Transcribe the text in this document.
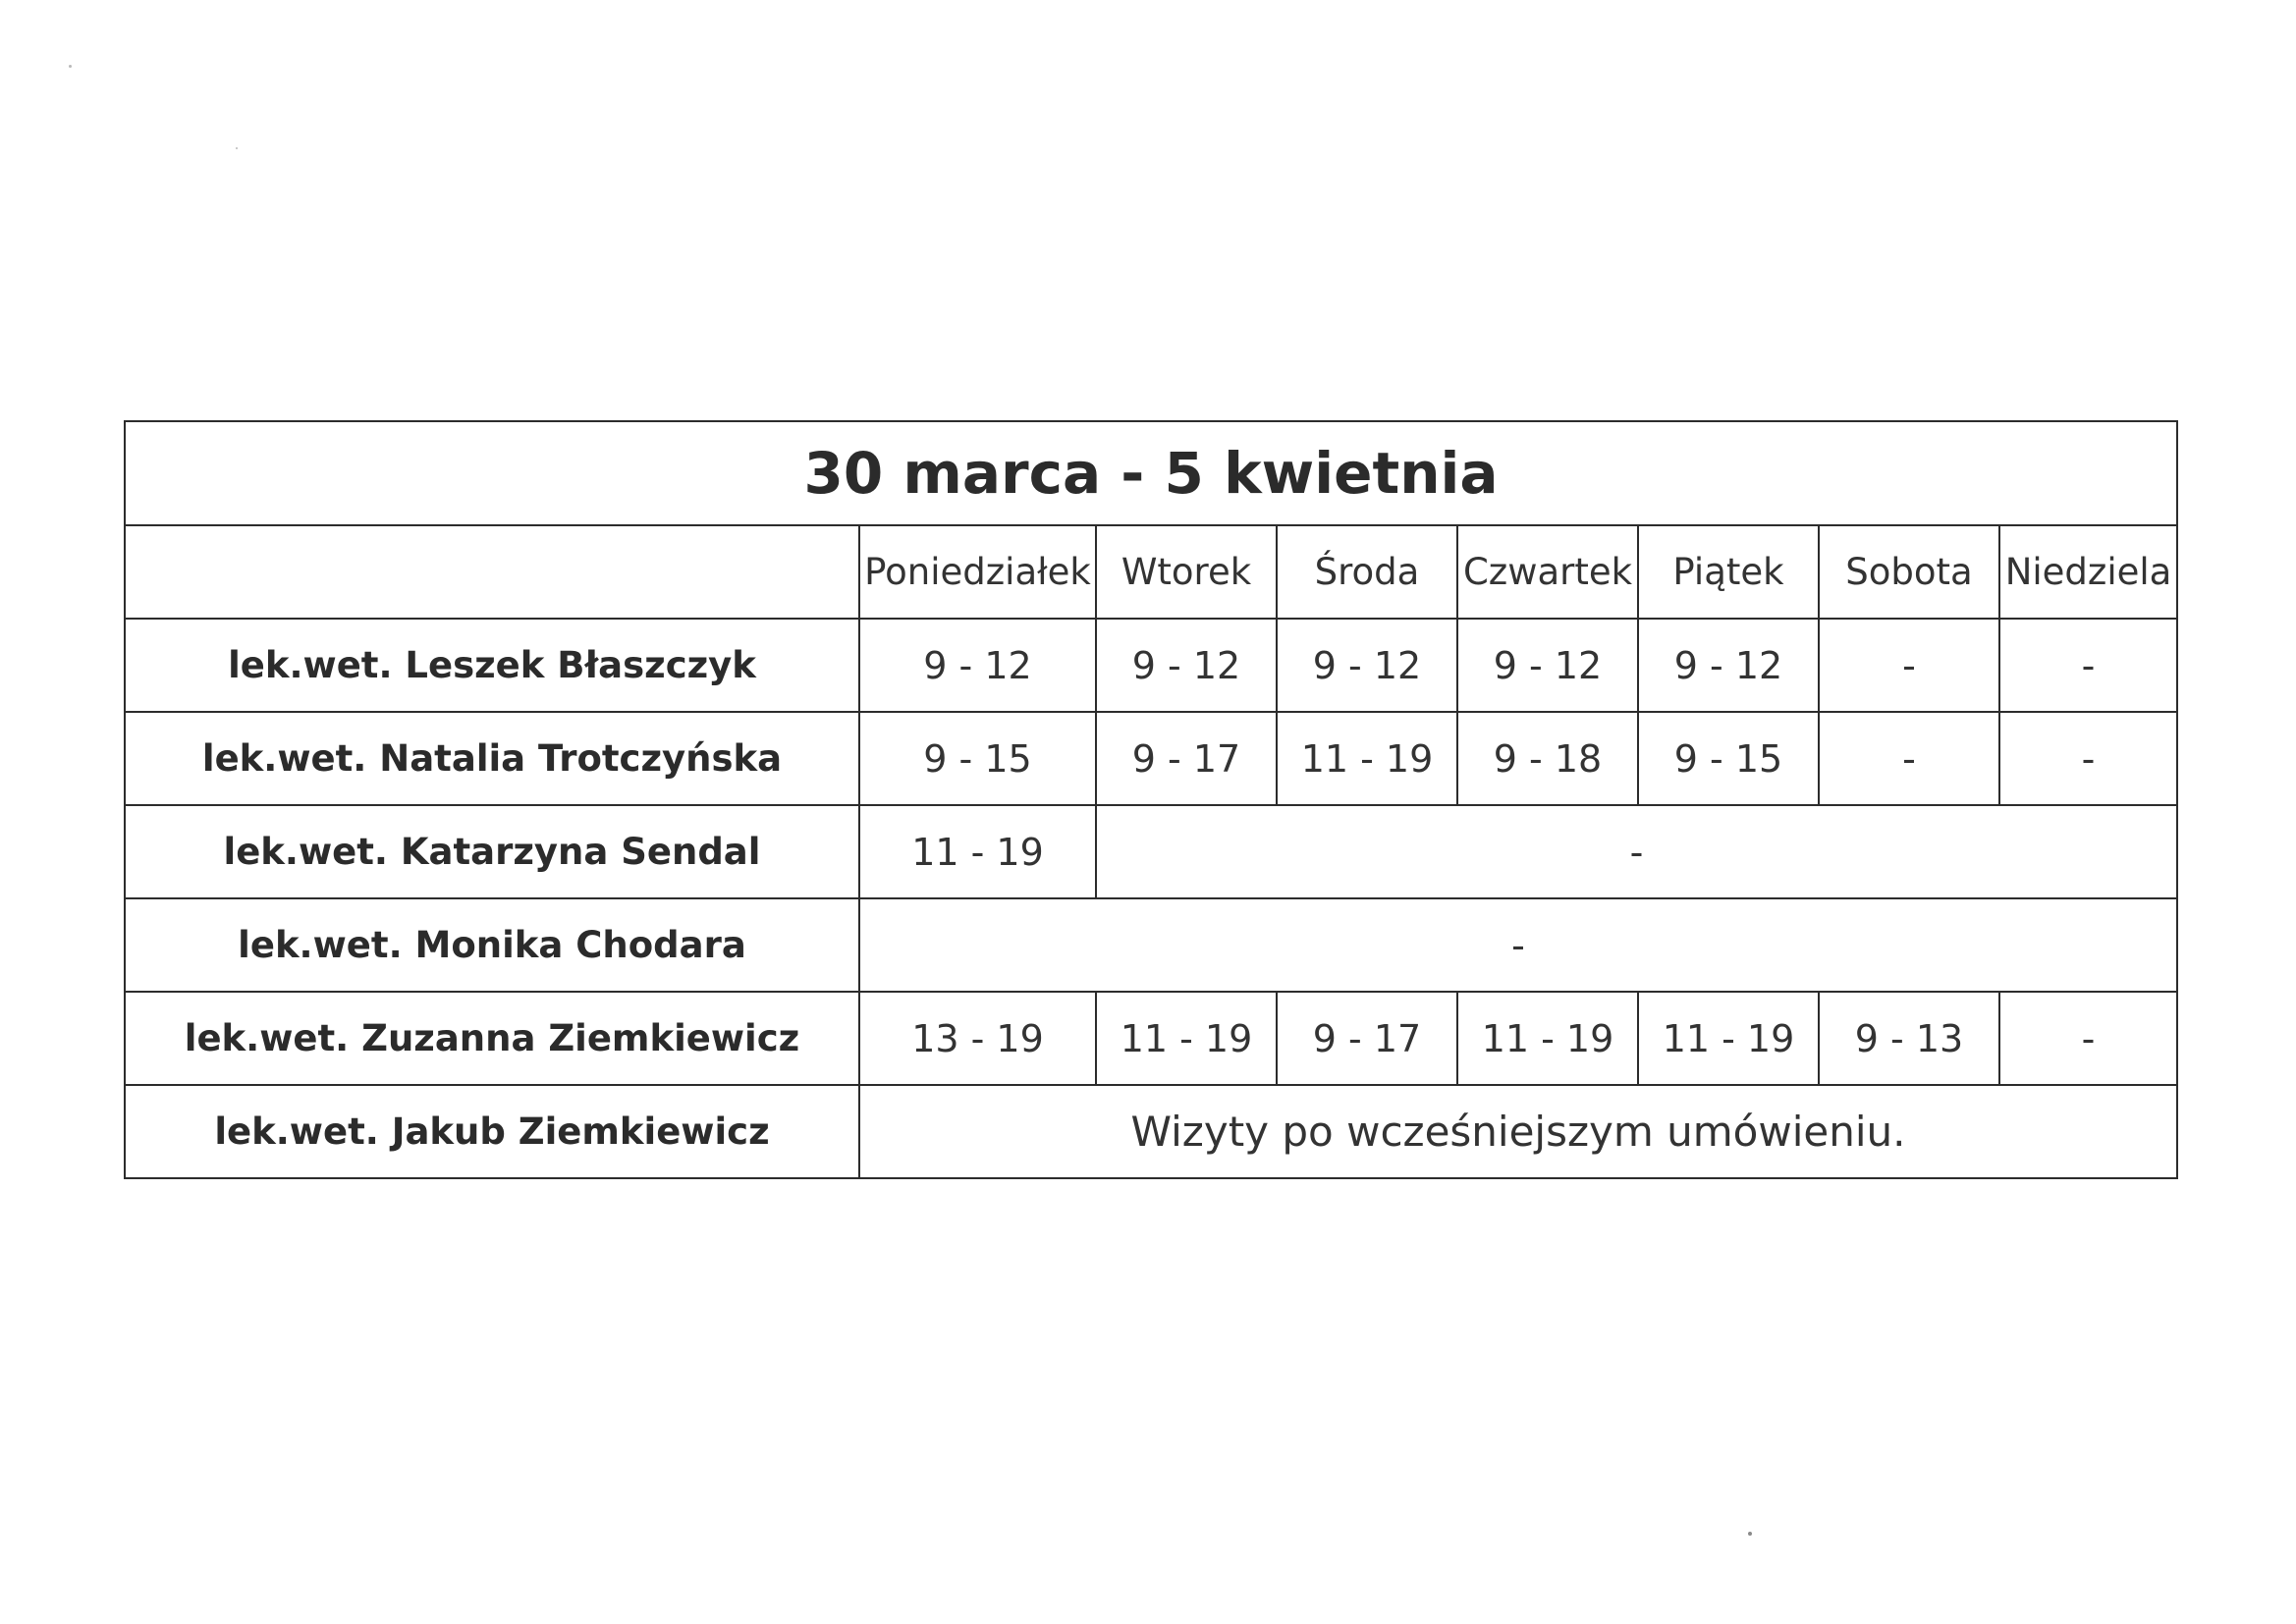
30 marca - 5 kwietnia							
	Poniedziałek	Wtorek	Środa	Czwartek	Piątek	Sobota	Niedziela
lek.wet. Leszek Błaszczyk	9 - 12	9 - 12	9 - 12	9 - 12	9 - 12	-	-
lek.wet. Natalia Trotczyńska	9 - 15	9 - 17	11 - 19	9 - 18	9 - 15	-	-
lek.wet. Katarzyna Sendal	11 - 19	-					
lek.wet. Monika Chodara	-						
lek.wet. Zuzanna Ziemkiewicz	13 - 19	11 - 19	9 - 17	11 - 19	11 - 19	9 - 13	-
lek.wet. Jakub Ziemkiewicz	Wizyty po wcześniejszym umówieniu.						
